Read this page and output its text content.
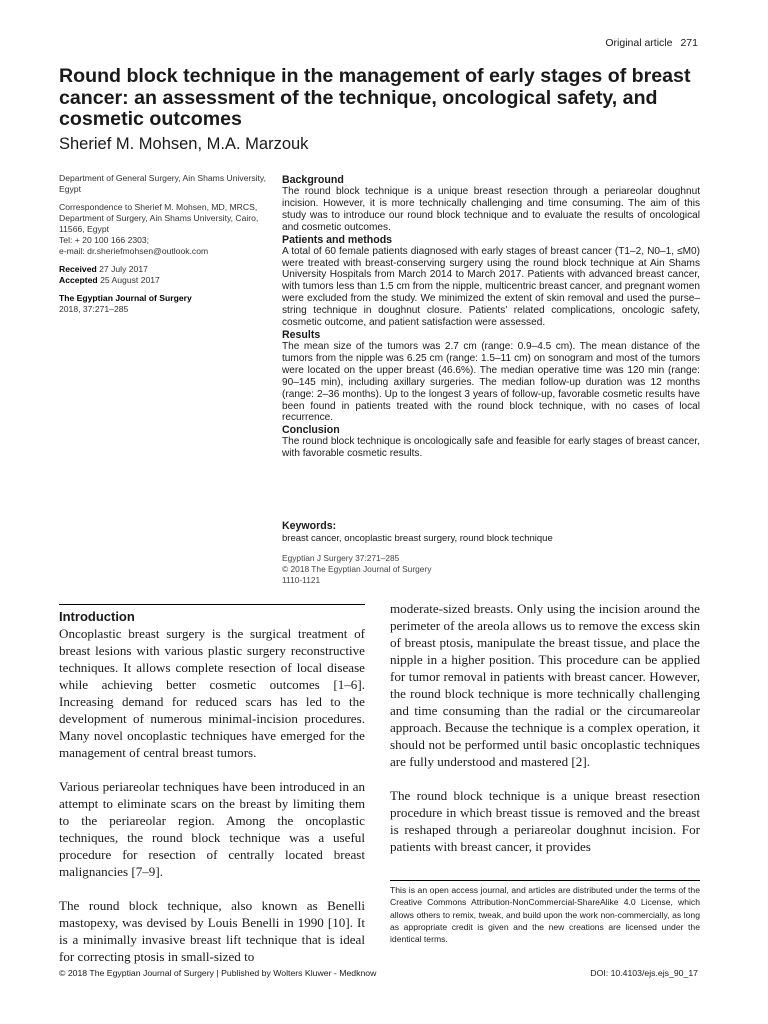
Original article 271
Round block technique in the management of early stages of breast cancer: an assessment of the technique, oncological safety, and cosmetic outcomes

Sherief M. Mohsen, M.A. Marzouk

Department of General Surgery, Ain Shams University, Egypt

Correspondence to Sherief M. Mohsen, MD, MRCS, Department of Surgery, Ain Shams University, Cairo, 11566, Egypt
Tel: + 20 100 166 2303;
e-mail: dr.sheriefmohsen@outlook.com

Received 27 July 2017
Accepted 25 August 2017

The Egyptian Journal of Surgery
2018, 37:271–285

Background

The round block technique is a unique breast resection through a periareolar doughnut incision. However, it is more technically challenging and time consuming. The aim of this study was to introduce our round block technique and to evaluate the results of oncological and cosmetic outcomes.

Patients and methods

A total of 60 female patients diagnosed with early stages of breast cancer (T1–2, N0–1, ≤M0) were treated with breast-conserving surgery using the round block technique at Ain Shams University Hospitals from March 2014 to March 2017. Patients with advanced breast cancer, with tumors less than 1.5 cm from the nipple, multicentric breast cancer, and pregnant women were excluded from the study. We minimized the extent of skin removal and used the purse–string technique in doughnut closure. Patients’ related complications, oncologic safety, cosmetic outcome, and patient satisfaction were assessed.

Results

The mean size of the tumors was 2.7 cm (range: 0.9–4.5 cm). The mean distance of the tumors from the nipple was 6.25 cm (range: 1.5–11 cm) on sonogram and most of the tumors were located on the upper breast (46.6%). The median operative time was 120 min (range: 90–145 min), including axillary surgeries. The median follow-up duration was 12 months (range: 2–36 months). Up to the longest 3 years of follow-up, favorable cosmetic results have been found in patients treated with the round block technique, with no cases of local recurrence.

Conclusion

The round block technique is oncologically safe and feasible for early stages of breast cancer, with favorable cosmetic results.

Keywords:
breast cancer, oncoplastic breast surgery, round block technique
Egyptian J Surgery 37:271–285
© 2018 The Egyptian Journal of Surgery
1110-1121
Introduction

Oncoplastic breast surgery is the surgical treatment of breast lesions with various plastic surgery reconstructive techniques. It allows complete resection of local disease while achieving better cosmetic outcomes [1–6]. Increasing demand for reduced scars has led to the development of numerous minimal-incision procedures. Many novel oncoplastic techniques have emerged for the management of central breast tumors.

Various periareolar techniques have been introduced in an attempt to eliminate scars on the breast by limiting them to the periareolar region. Among the oncoplastic techniques, the round block technique was a useful procedure for resection of centrally located breast malignancies [7–9].

The round block technique, also known as Benelli mastopexy, was devised by Louis Benelli in 1990 [10]. It is a minimally invasive breast lift technique that is ideal for correcting ptosis in small-sized to

moderate-sized breasts. Only using the incision around the perimeter of the areola allows us to remove the excess skin of breast ptosis, manipulate the breast tissue, and place the nipple in a higher position. This procedure can be applied for tumor removal in patients with breast cancer. However, the round block technique is more technically challenging and time consuming than the radial or the circumareolar approach. Because the technique is a complex operation, it should not be performed until basic oncoplastic techniques are fully understood and mastered [2].

The round block technique is a unique breast resection procedure in which breast tissue is removed and the breast is reshaped through a periareolar doughnut incision. For patients with breast cancer, it provides

This is an open access journal, and articles are distributed under the terms of the Creative Commons Attribution-NonCommercial-ShareAlike 4.0 License, which allows others to remix, tweak, and build upon the work non-commercially, as long as appropriate credit is given and the new creations are licensed under the identical terms.
© 2018 The Egyptian Journal of Surgery | Published by Wolters Kluwer - Medknow	DOI: 10.4103/ejs.ejs_90_17
